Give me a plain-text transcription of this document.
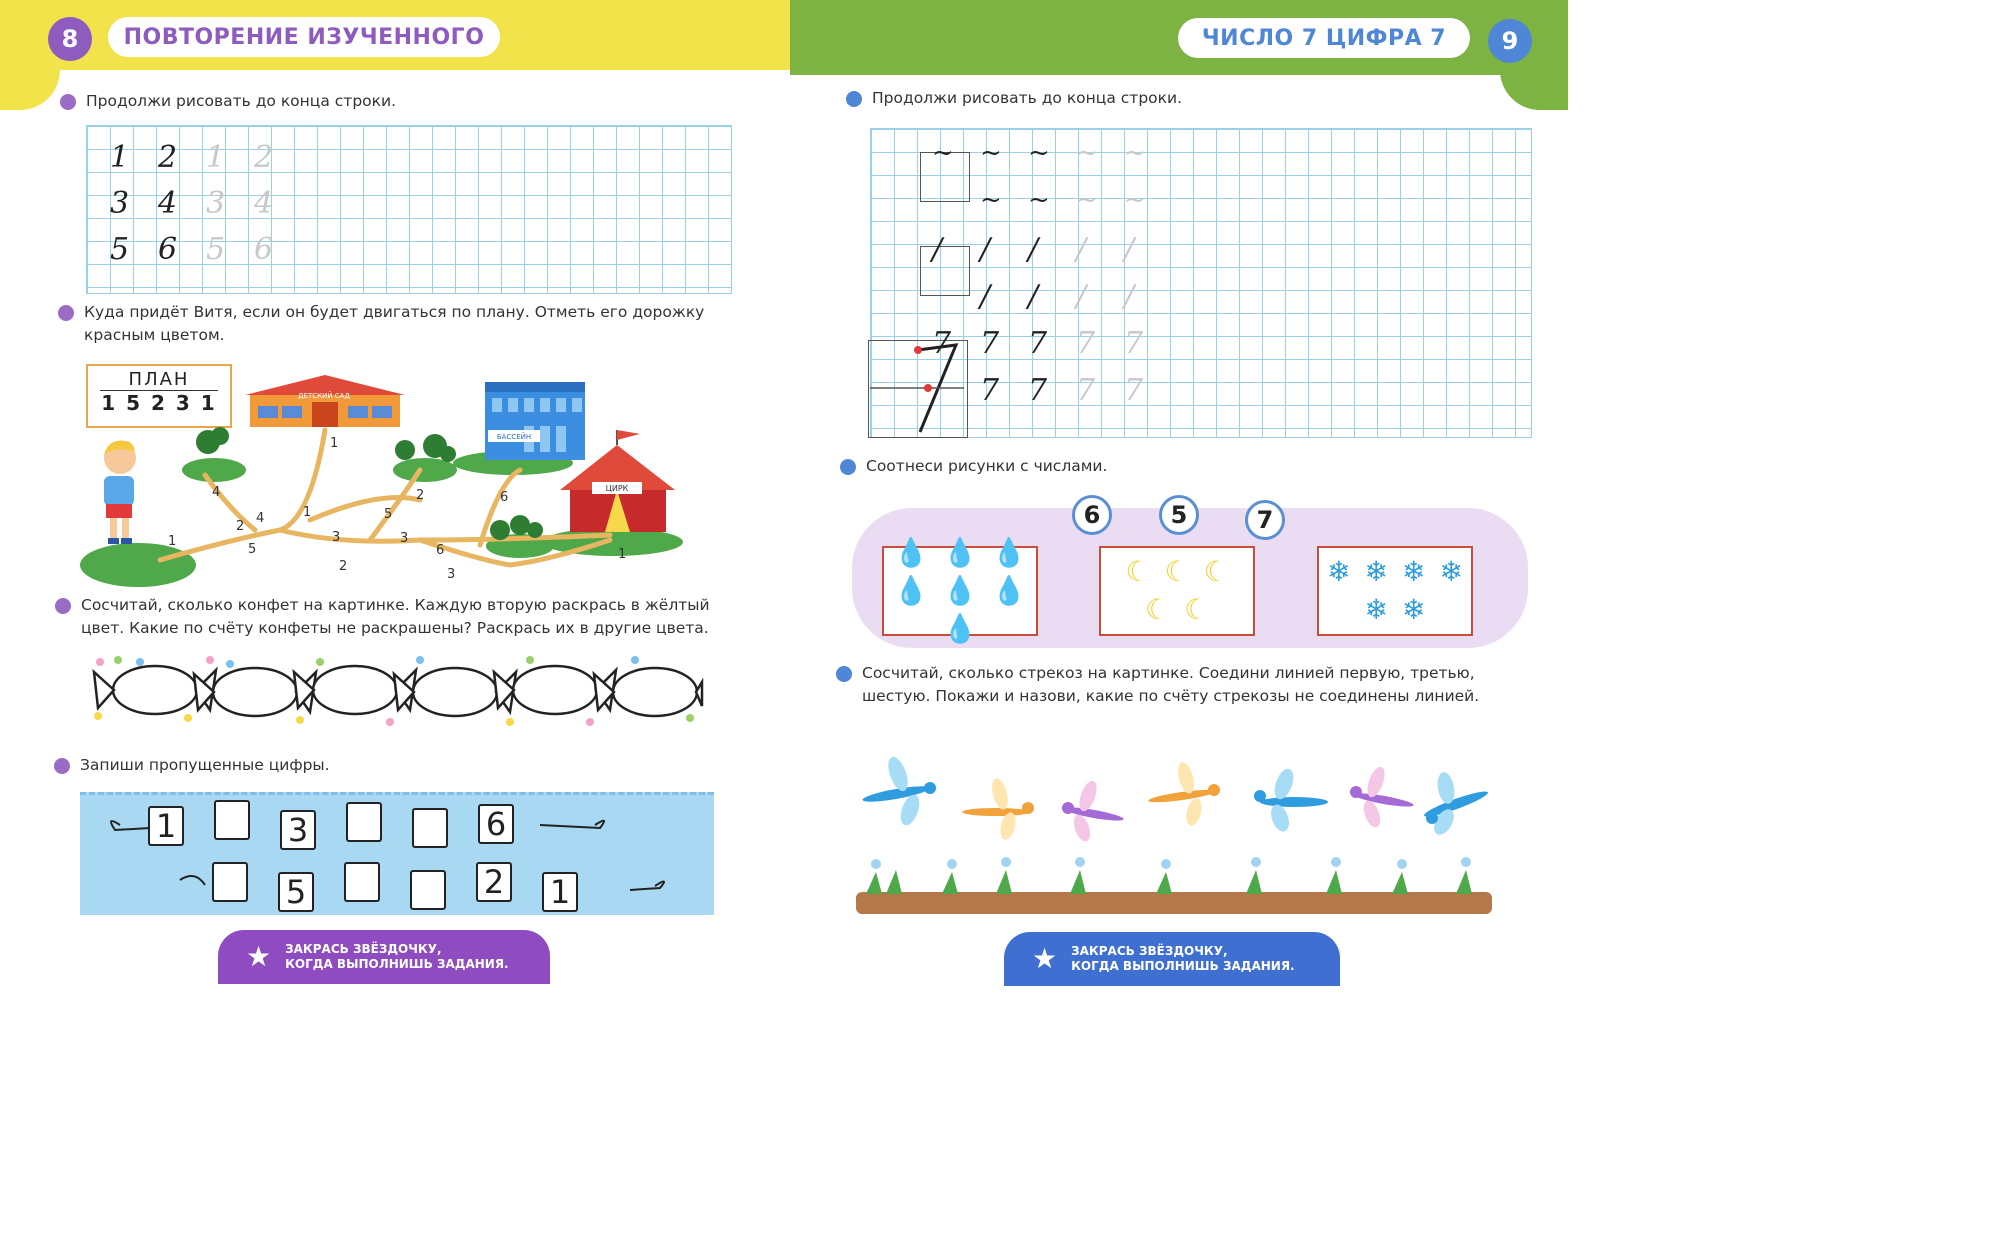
8	ПОВТОРЕНИЕ ИЗУЧЕННОГО	ЧИСЛО 7 ЦИФРА 7	9
Продолжи рисовать до конца строки.
1 2 1 2
3 4 3 4
5 6 5 6
Куда придёт Витя, если он будет двигаться по плану. Отметь его дорожку красным цветом.
ПЛАН
1 5 2 3 1	ДЕТСКИЙ САД
БАССЕЙН
ЦИРК
1
4
2
4
5
1
1
3
2
5
3
2
6
3
6
1
Сосчитай, сколько конфет на картинке. Каждую вторую раскрась в жёлтый цвет. Какие по счёту конфеты не раскрашены? Раскрась их в другие цвета.
Запиши пропущенные цифры.
1	3	6
5	2 1
★ ЗАКРАСЬ ЗВЁЗДОЧКУ,
КОГДА ВЫПОЛНИШЬ ЗАДАНИЯ.
Продолжи рисовать до конца строки.
~	~	~	~	~
~	~	~	~
/	/	/	/	/
/	/	/	/
7 7 7 7 7
7 7 7 7
Соотнеси рисунки с числами.
6	5	7
💧 💧 💧
💧 💧 💧
💧
☾ ☾ ☾
☾ ☾
❄ ❄ ❄ ❄
❄ ❄
Сосчитай, сколько стрекоз на картинке. Соедини линией первую, третью, шестую. Покажи и назови, какие по счёту стрекозы не соединены линией.
★ ЗАКРАСЬ ЗВЁЗДОЧКУ,
КОГДА ВЫПОЛНИШЬ ЗАДАНИЯ.
